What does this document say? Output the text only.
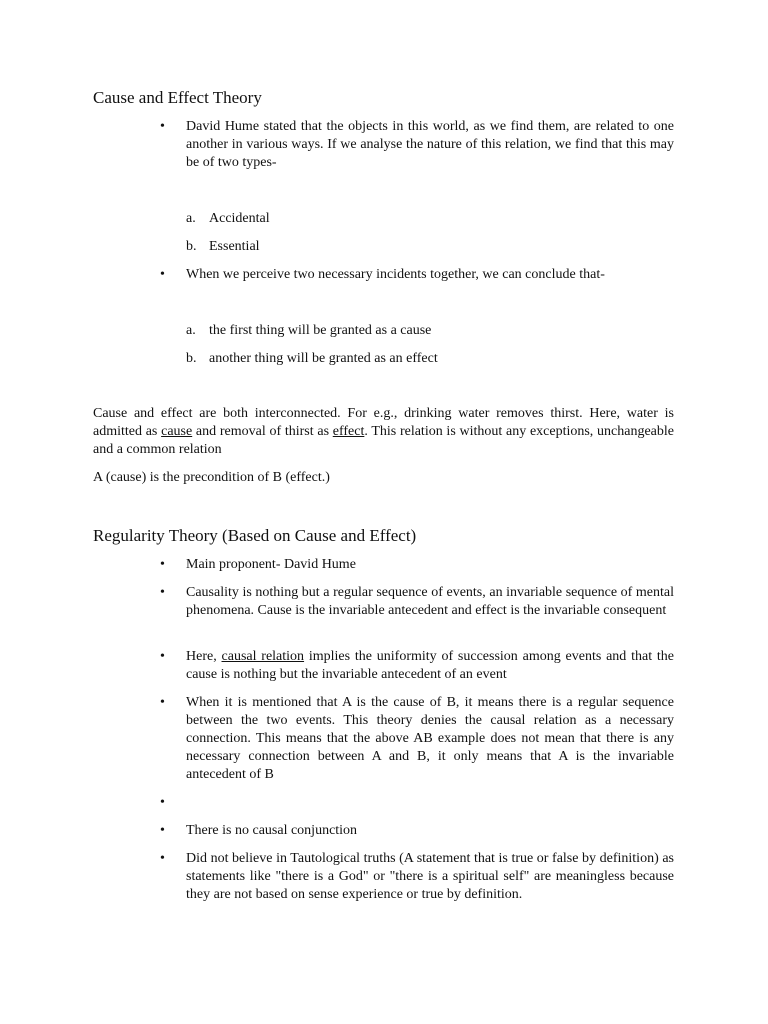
Cause and Effect Theory
• David Hume stated that the objects in this world, as we find them, are related to one another in various ways. If we analyse the nature of this relation, we find that this may be of two types-
a. Accidental
b. Essential
• When we perceive two necessary incidents together, we can conclude that-
a. the first thing will be granted as a cause
b. another thing will be granted as an effect

Cause and effect are both interconnected. For e.g., drinking water removes thirst. Here, water is admitted as cause and removal of thirst as effect. This relation is without any exceptions, unchangeable and a common relation

A (cause) is the precondition of B (effect.)

Regularity Theory (Based on Cause and Effect)
• Main proponent- David Hume
• Causality is nothing but a regular sequence of events, an invariable sequence of mental phenomena. Cause is the invariable antecedent and effect is the invariable consequent
• Here, causal relation implies the uniformity of succession among events and that the cause is nothing but the invariable antecedent of an event
• When it is mentioned that A is the cause of B, it means there is a regular sequence between the two events. This theory denies the causal relation as a necessary connection. This means that the above AB example does not mean that there is any necessary connection between A and B, it only means that A is the invariable antecedent of B
•
• There is no causal conjunction
• Did not believe in Tautological truths (A statement that is true or false by definition) as statements like "there is a God" or "there is a spiritual self" are meaningless because they are not based on sense experience or true by definition.
